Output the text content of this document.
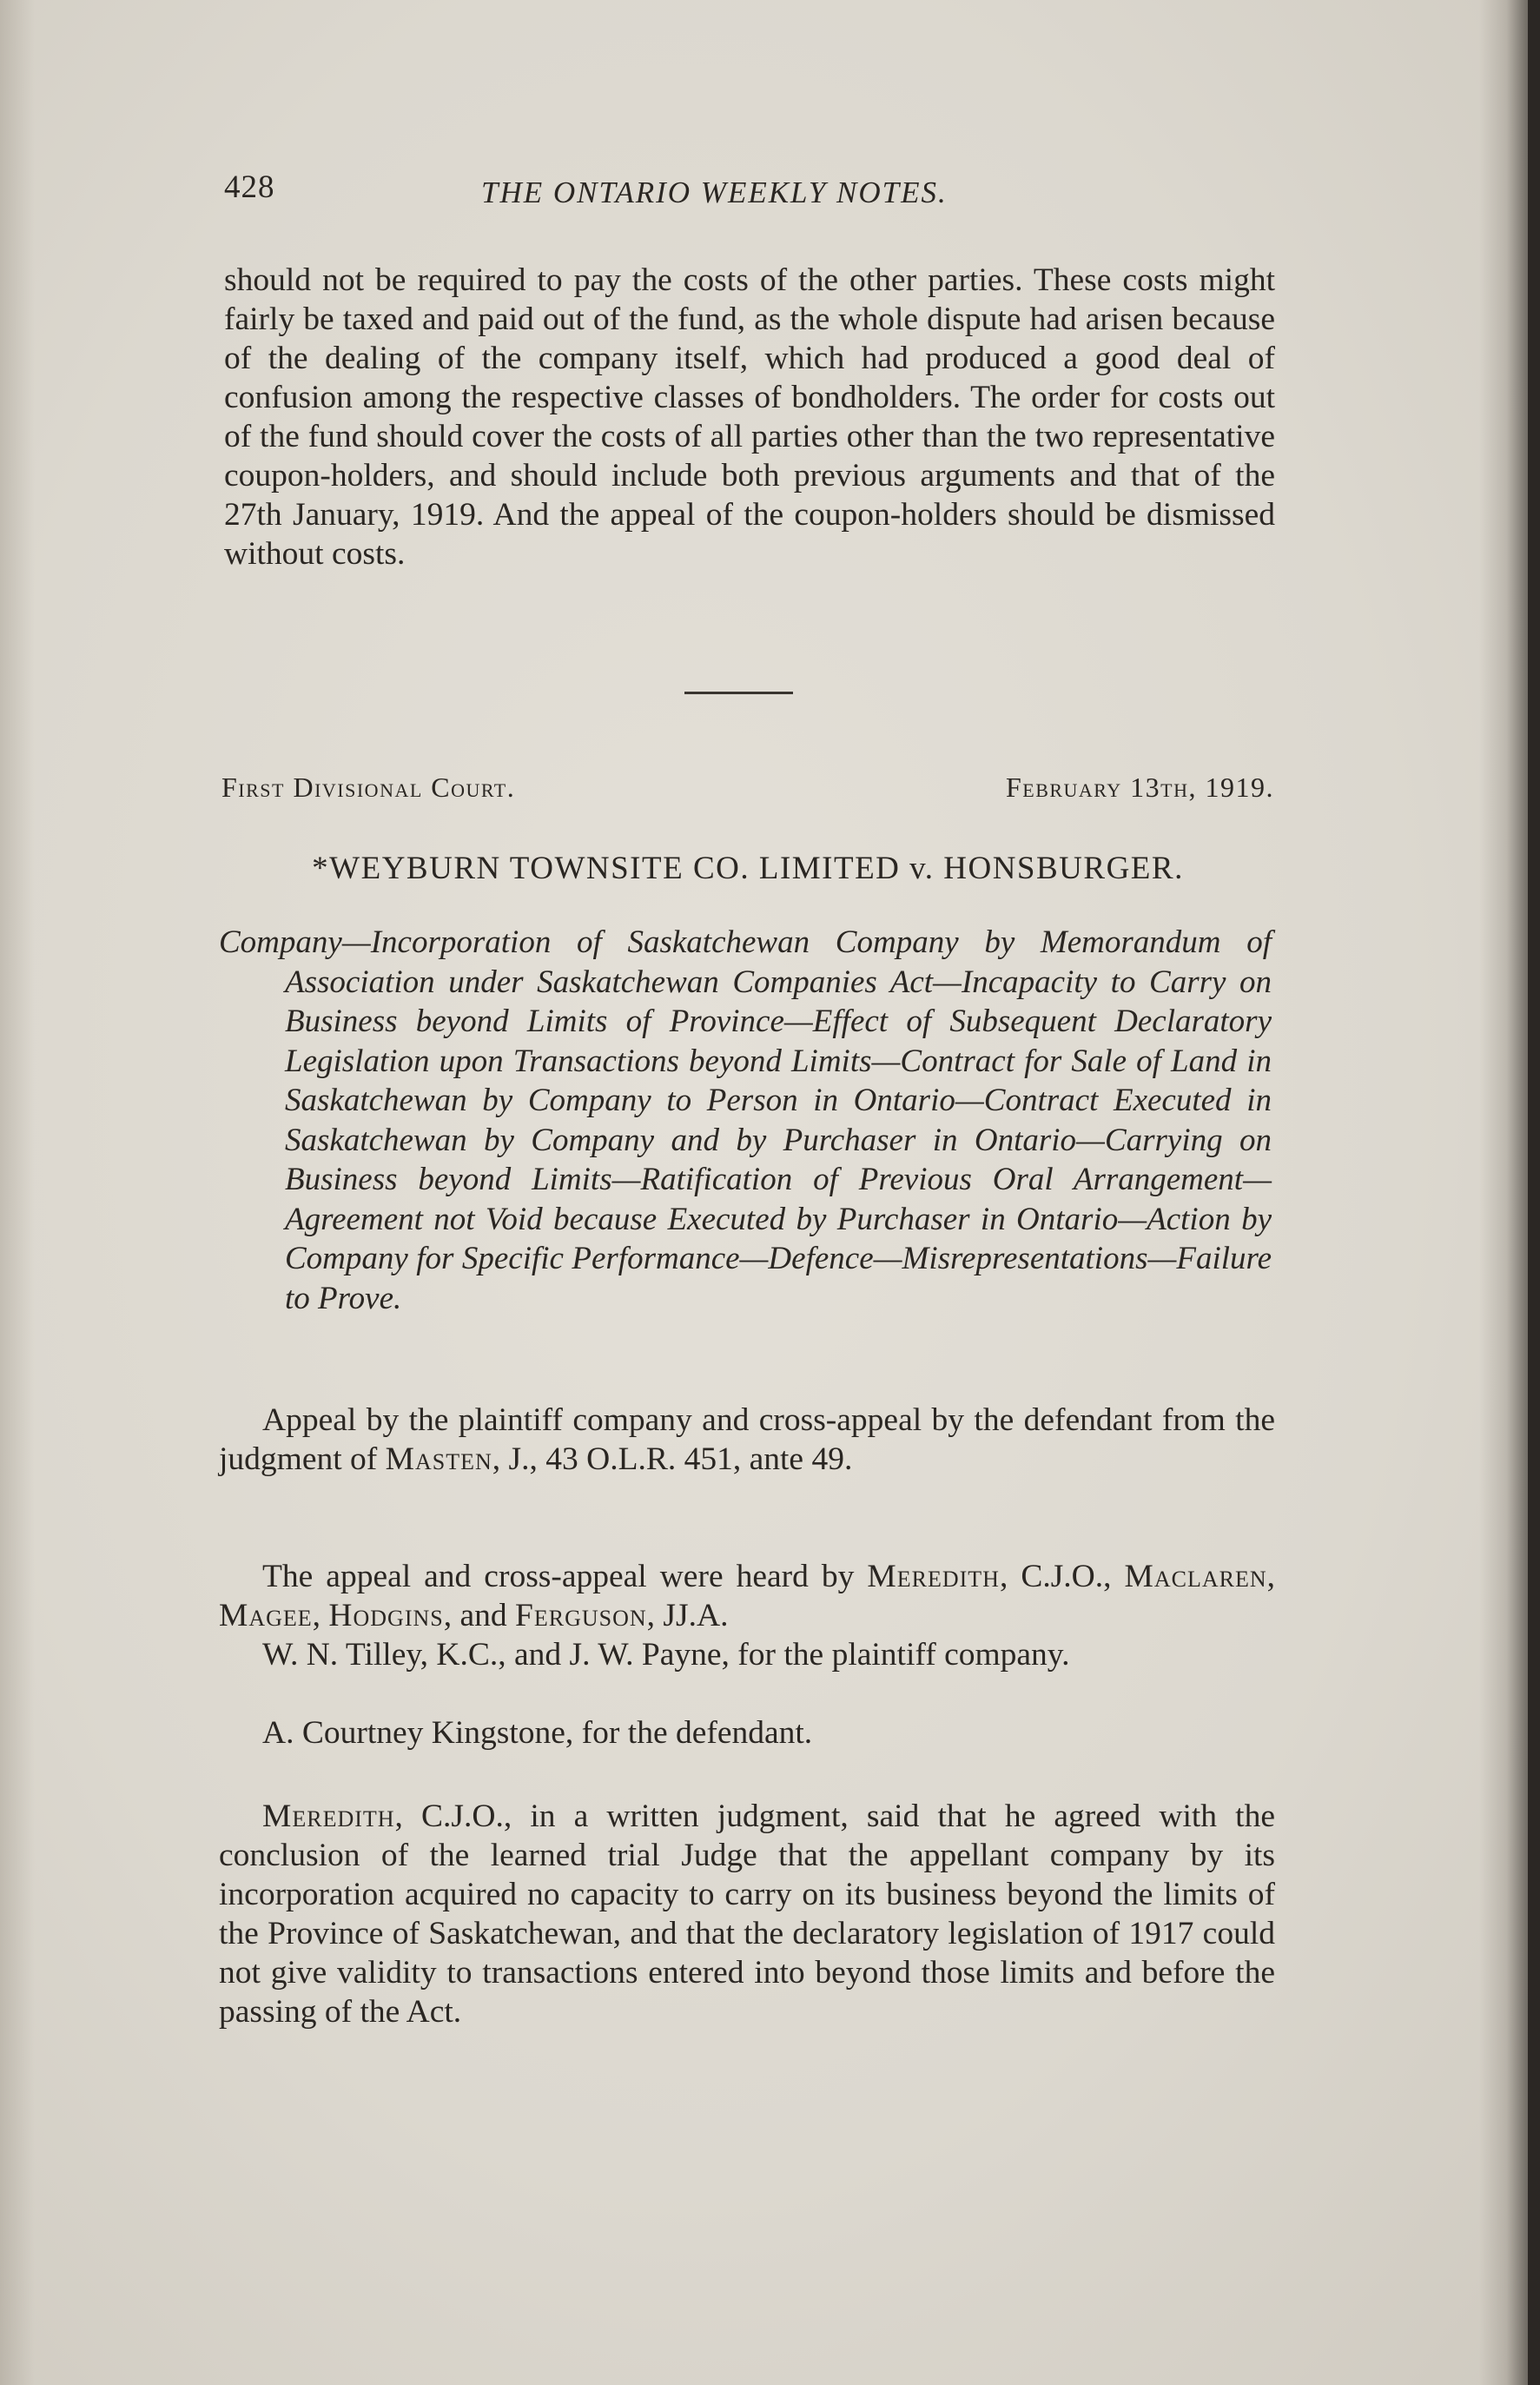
428	THE ONTARIO WEEKLY NOTES.

should not be required to pay the costs of the other parties. These costs might fairly be taxed and paid out of the fund, as the whole dispute had arisen because of the dealing of the company itself, which had produced a good deal of confusion among the respective classes of bondholders. The order for costs out of the fund should cover the costs of all parties other than the two representative coupon-holders, and should include both previous arguments and that of the 27th January, 1919. And the appeal of the coupon-holders should be dismissed without costs.

First Divisional Court.	February 13th, 1919.
*WEYBURN TOWNSITE CO. LIMITED v. HONSBURGER.

Company—Incorporation of Saskatchewan Company by Memorandum of Association under Saskatchewan Companies Act—Incapacity to Carry on Business beyond Limits of Province—Effect of Subsequent Declaratory Legislation upon Transactions beyond Limits—Contract for Sale of Land in Saskatchewan by Company to Person in Ontario—Contract Executed in Saskatchewan by Company and by Purchaser in Ontario—Carrying on Business beyond Limits—Ratification of Previous Oral Arrangement—Agreement not Void because Executed by Purchaser in Ontario—Action by Company for Specific Performance—Defence—Misrepresentations—Failure to Prove.

Appeal by the plaintiff company and cross-appeal by the defendant from the judgment of Masten, J., 43 O.L.R. 451, ante 49.

The appeal and cross-appeal were heard by Meredith, C.J.O., Maclaren, Magee, Hodgins, and Ferguson, JJ.A.

W. N. Tilley, K.C., and J. W. Payne, for the plaintiff company.

A. Courtney Kingstone, for the defendant.

Meredith, C.J.O., in a written judgment, said that he agreed with the conclusion of the learned trial Judge that the appellant company by its incorporation acquired no capacity to carry on its business beyond the limits of the Province of Saskatchewan, and that the declaratory legislation of 1917 could not give validity to transactions entered into beyond those limits and before the passing of the Act.
